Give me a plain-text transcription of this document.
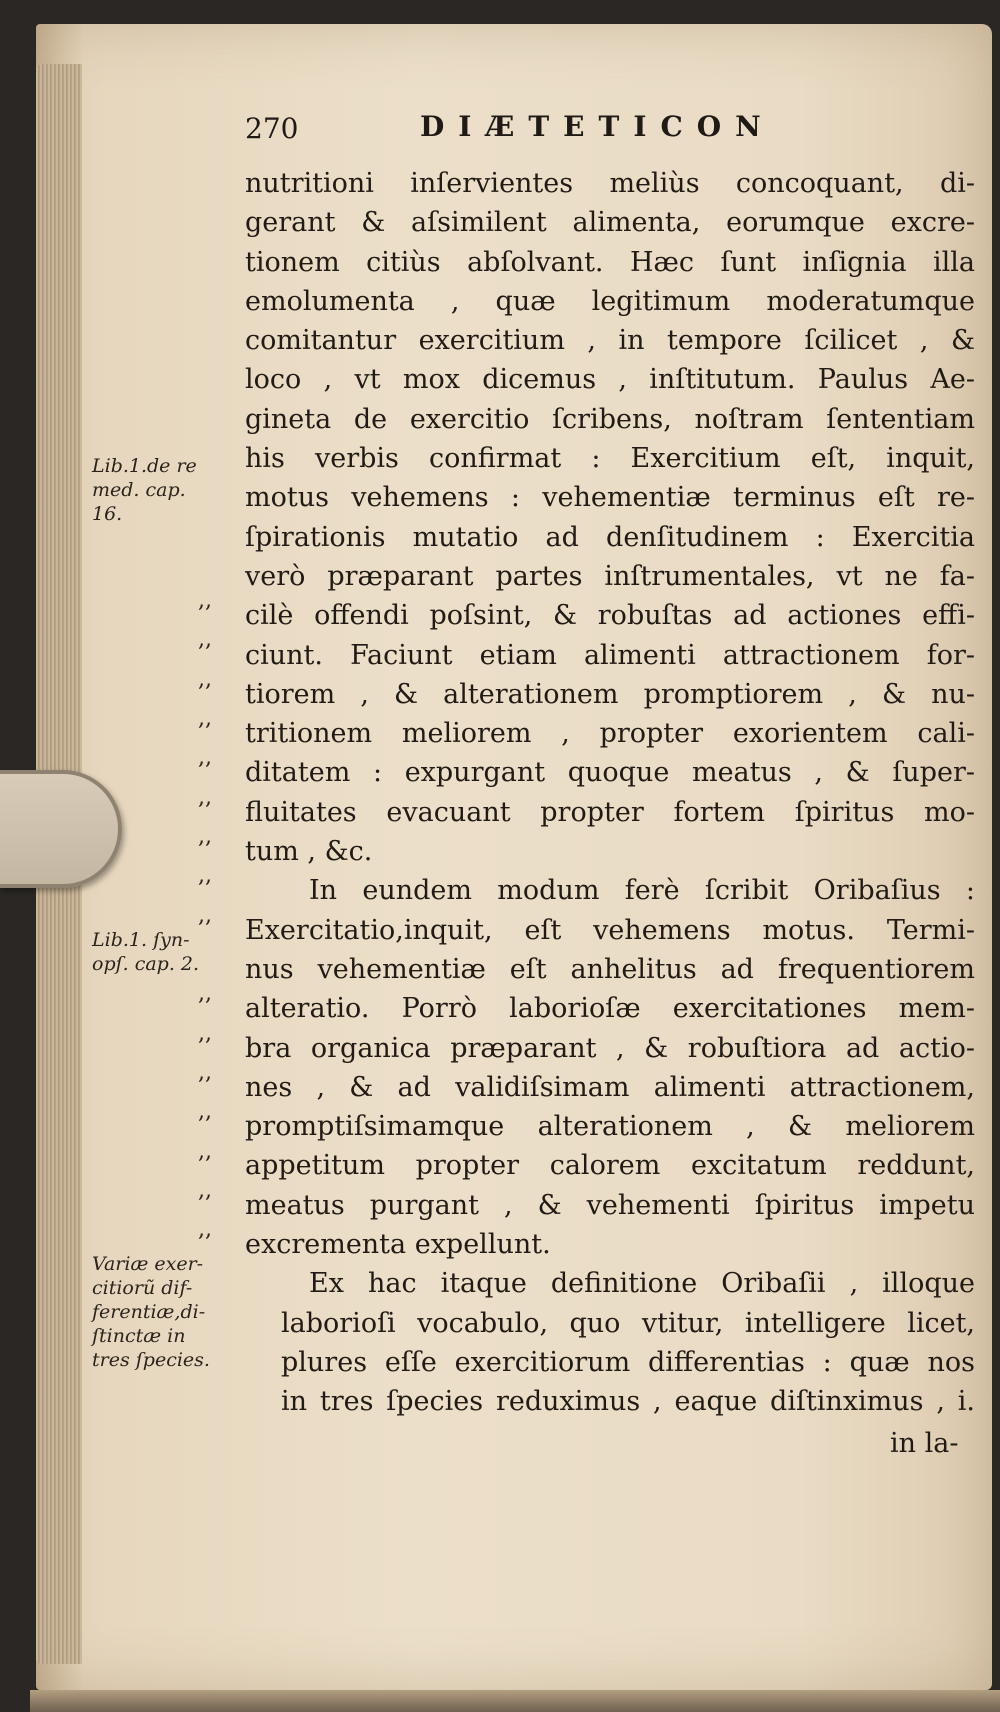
270	DIÆTETICON
Lib.1.de re
med. cap.
16.
Lib.1. ſyn-
opſ. cap. 2.
Variæ exer-
citiorũ dif-
ferentiæ,di-
ſtinctæ in
tres ſpecies.
,,
,,
,,
,,
,,
,,
,,
,,
,,
,,
,,
,,
,,
,,
,,
,,
nutritioni inſervientes meliùs concoquant, di-
gerant & aſsimilent alimenta, eorumque excre-
tionem citiùs abſolvant. Hæc ſunt inſignia illa
emolumenta , quæ legitimum moderatumque
comitantur exercitium , in tempore ſcilicet , &
loco , vt mox dicemus , inſtitutum. Paulus Ae-
gineta de exercitio ſcribens, noſtram ſententiam
his verbis confirmat : Exercitium eſt, inquit,
motus vehemens : vehementiæ terminus eſt re-
ſpirationis mutatio ad denſitudinem : Exercitia
verò præparant partes inſtrumentales, vt ne fa-
cilè offendi poſsint, & robuſtas ad actiones effi-
ciunt. Faciunt etiam alimenti attractionem for-
tiorem , & alterationem promptiorem , & nu-
tritionem meliorem , propter exorientem cali-
ditatem : expurgant quoque meatus , & ſuper-
fluitates evacuant propter fortem ſpiritus mo-
tum , &c.
In eundem modum ferè ſcribit Oribaſius :
Exercitatio,inquit, eſt vehemens motus. Termi-
nus vehementiæ eſt anhelitus ad frequentiorem
alteratio. Porrò laborioſæ exercitationes mem-
bra organica præparant , & robuſtiora ad actio-
nes , & ad validiſsimam alimenti attractionem,
promptiſsimamque alterationem , & meliorem
appetitum propter calorem excitatum reddunt,
meatus purgant , & vehementi ſpiritus impetu
excrementa expellunt.
Ex hac itaque definitione Oribaſii , illoque
laborioſi vocabulo, quo vtitur, intelligere licet,
plures eſſe exercitiorum differentias : quæ nos
in tres ſpecies reduximus , eaque diſtinximus , i.
in la-
